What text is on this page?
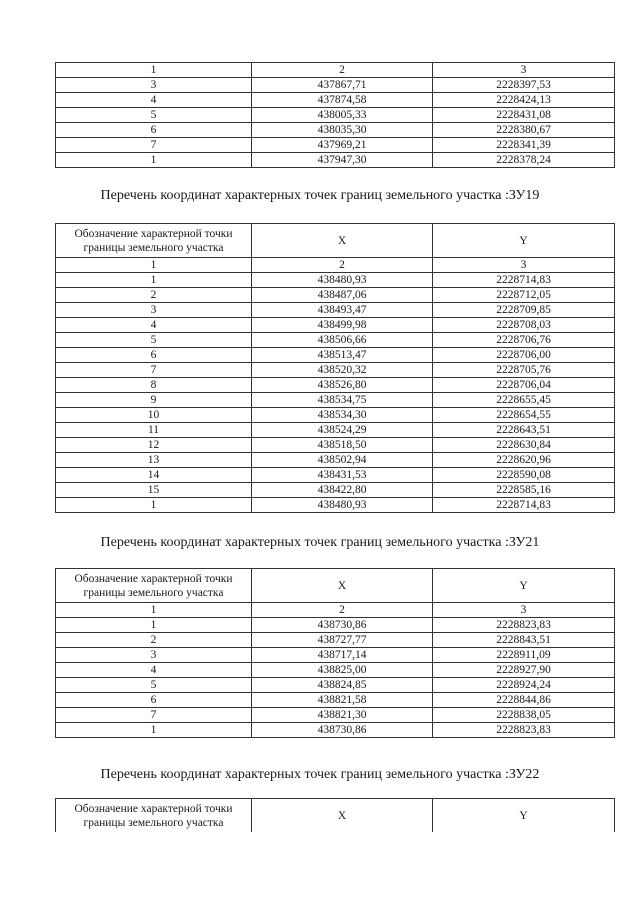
1	2	3
3	437867,71	2228397,53
4	437874,58	2228424,13
5	438005,33	2228431,08
6	438035,30	2228380,67
7	437969,21	2228341,39
1	437947,30	2228378,24
Перечень координат характерных точек границ земельного участка :ЗУ19
Обозначение характерной точки границы земельного участка	X	Y
1	2	3
1	438480,93	2228714,83
2	438487,06	2228712,05
3	438493,47	2228709,85
4	438499,98	2228708,03
5	438506,66	2228706,76
6	438513,47	2228706,00
7	438520,32	2228705,76
8	438526,80	2228706,04
9	438534,75	2228655,45
10	438534,30	2228654,55
11	438524,29	2228643,51
12	438518,50	2228630,84
13	438502,94	2228620,96
14	438431,53	2228590,08
15	438422,80	2228585,16
1	438480,93	2228714,83
Перечень координат характерных точек границ земельного участка :ЗУ21
Обозначение характерной точки границы земельного участка	X	Y
1	2	3
1	438730,86	2228823,83
2	438727,77	2228843,51
3	438717,14	2228911,09
4	438825,00	2228927,90
5	438824,85	2228924,24
6	438821,58	2228844,86
7	438821,30	2228838,05
1	438730,86	2228823,83
Перечень координат характерных точек границ земельного участка :ЗУ22
Обозначение характерной точки границы земельного участка	X	Y
